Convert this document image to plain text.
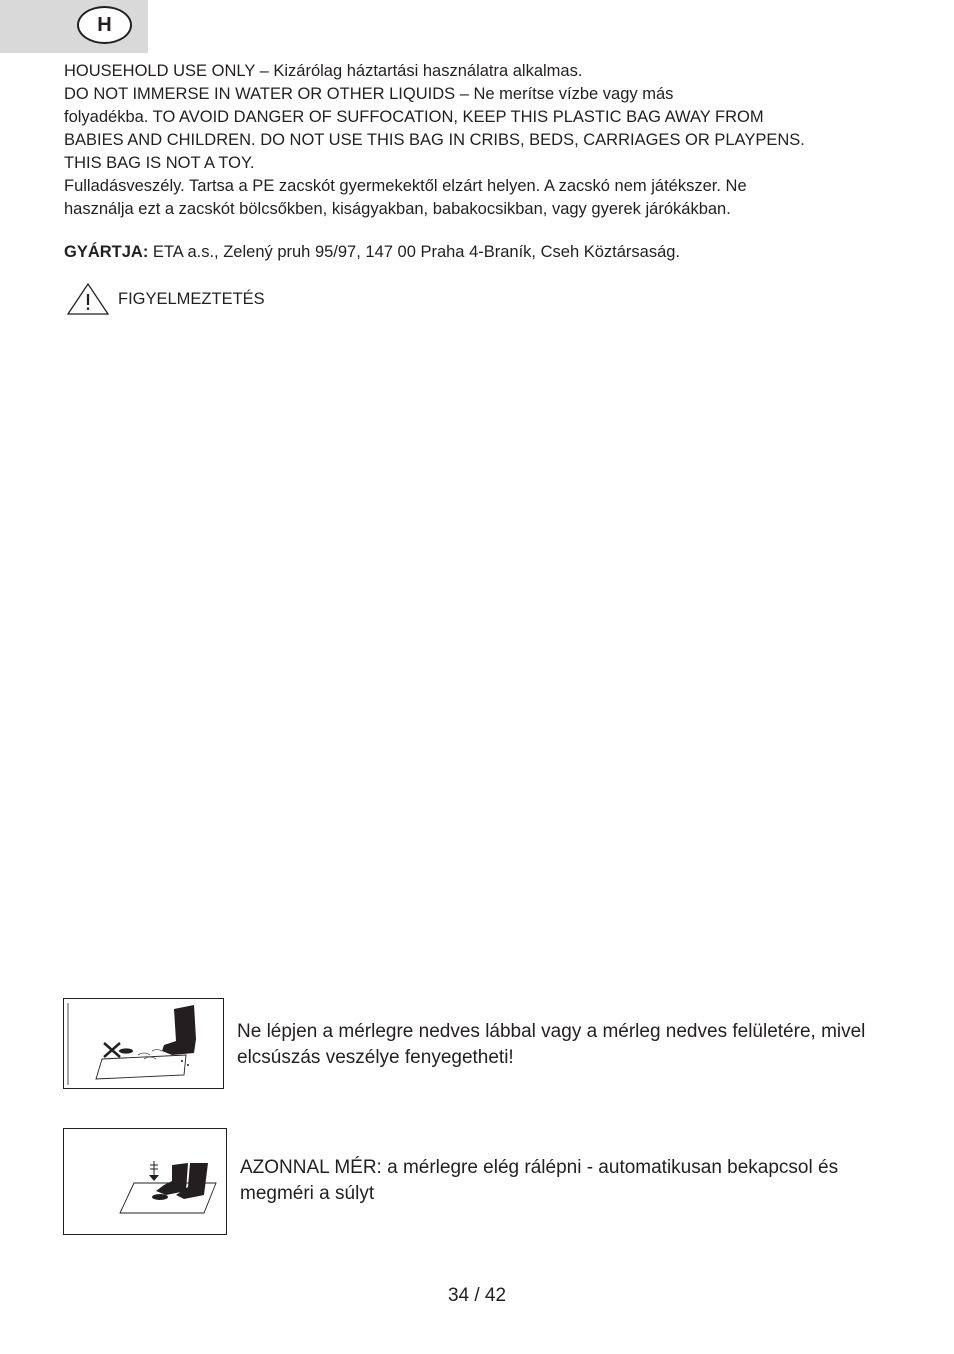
H

HOUSEHOLD USE ONLY – Kizárólag háztartási használatra alkalmas.

DO NOT IMMERSE IN WATER OR OTHER LIQUIDS – Ne merítse vízbe vagy más

folyadékba. TO AVOID DANGER OF SUFFOCATION, KEEP THIS PLASTIC BAG AWAY FROM

BABIES AND CHILDREN. DO NOT USE THIS BAG IN CRIBS, BEDS, CARRIAGES OR PLAYPENS.

THIS BAG IS NOT A TOY.

Fulladásveszély. Tartsa a PE zacskót gyermekektől elzárt helyen. A zacskó nem játékszer. Ne

használja ezt a zacskót bölcsőkben, kiságyakban, babakocsikban, vagy gyerek járókákban.

GYÁRTJA: ETA a.s., Zelený pruh 95/97, 147 00 Praha 4-Braník, Cseh Köztársaság.
FIGYELMEZTETÉS
Ne lépjen a mérlegre nedves lábbal vagy a mérleg nedves felületére, mivel elcsúszás veszélye fenyegetheti!
AZONNAL MÉR: a mérlegre elég rálépni - automatikusan bekapcsol és megméri a súlyt
34 / 42
